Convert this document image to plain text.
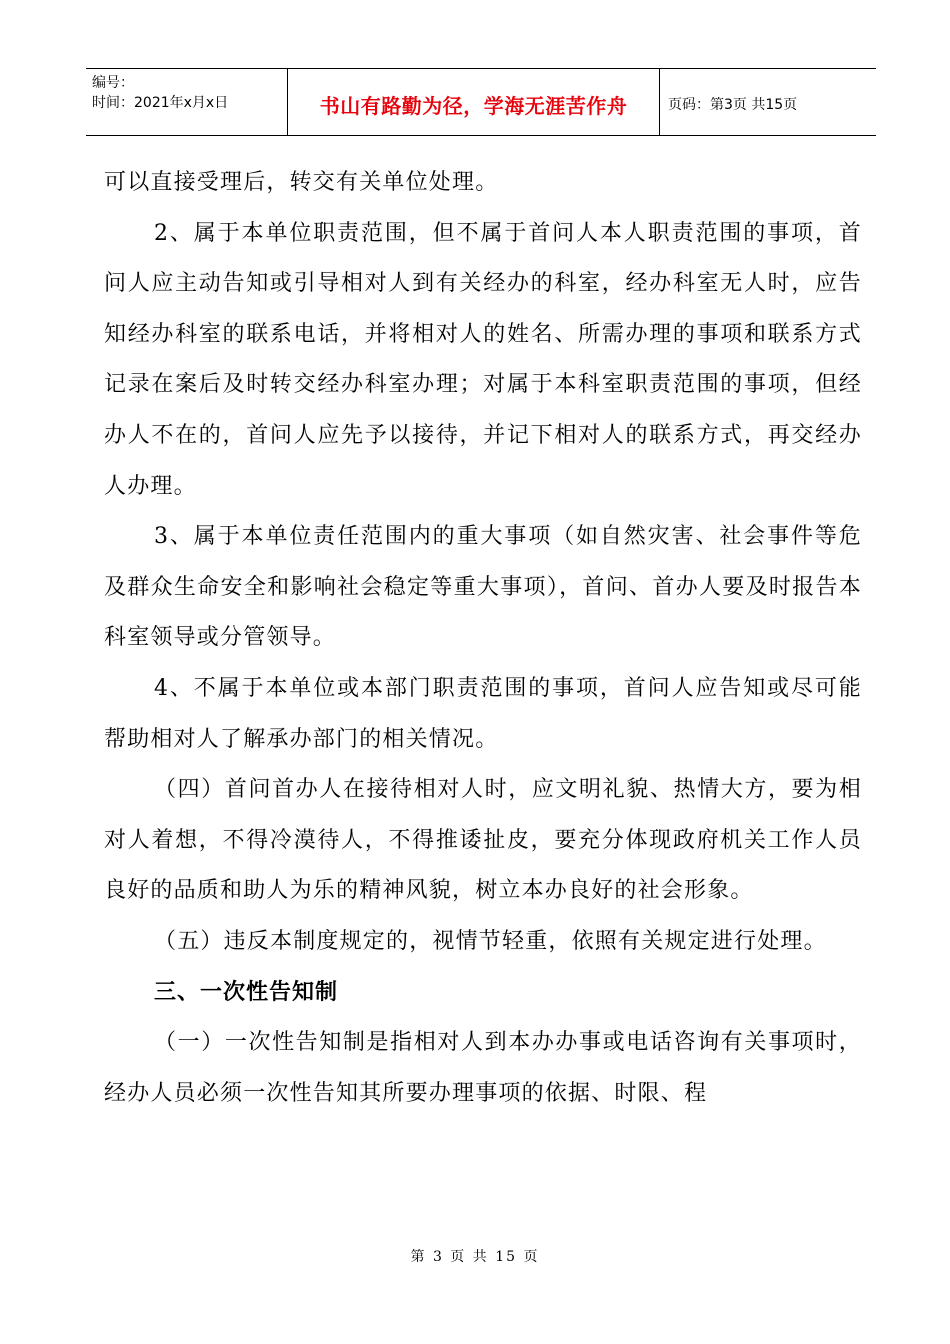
编号：
时间：2021年x月x日	书山有路勤为径，学海无涯苦作舟	页码：第3页 共15页

可以直接受理后，转交有关单位处理。

2、属于本单位职责范围，但不属于首问人本人职责范围的事项，首问人应主动告知或引导相对人到有关经办的科室，经办科室无人时，应告知经办科室的联系电话，并将相对人的姓名、所需办理的事项和联系方式记录在案后及时转交经办科室办理；对属于本科室职责范围的事项，但经办人不在的，首问人应先予以接待，并记下相对人的联系方式，再交经办人办理。

3、属于本单位责任范围内的重大事项（如自然灾害、社会事件等危及群众生命安全和影响社会稳定等重大事项），首问、首办人要及时报告本科室领导或分管领导。

4、不属于本单位或本部门职责范围的事项，首问人应告知或尽可能帮助相对人了解承办部门的相关情况。

（四）首问首办人在接待相对人时，应文明礼貌、热情大方，要为相对人着想，不得冷漠待人，不得推诿扯皮，要充分体现政府机关工作人员良好的品质和助人为乐的精神风貌，树立本办良好的社会形象。

（五）违反本制度规定的，视情节轻重，依照有关规定进行处理。

三、一次性告知制

（一）一次性告知制是指相对人到本办办事或电话咨询有关事项时，经办人员必须一次性告知其所要办理事项的依据、时限、程

第 3 页 共 15 页
